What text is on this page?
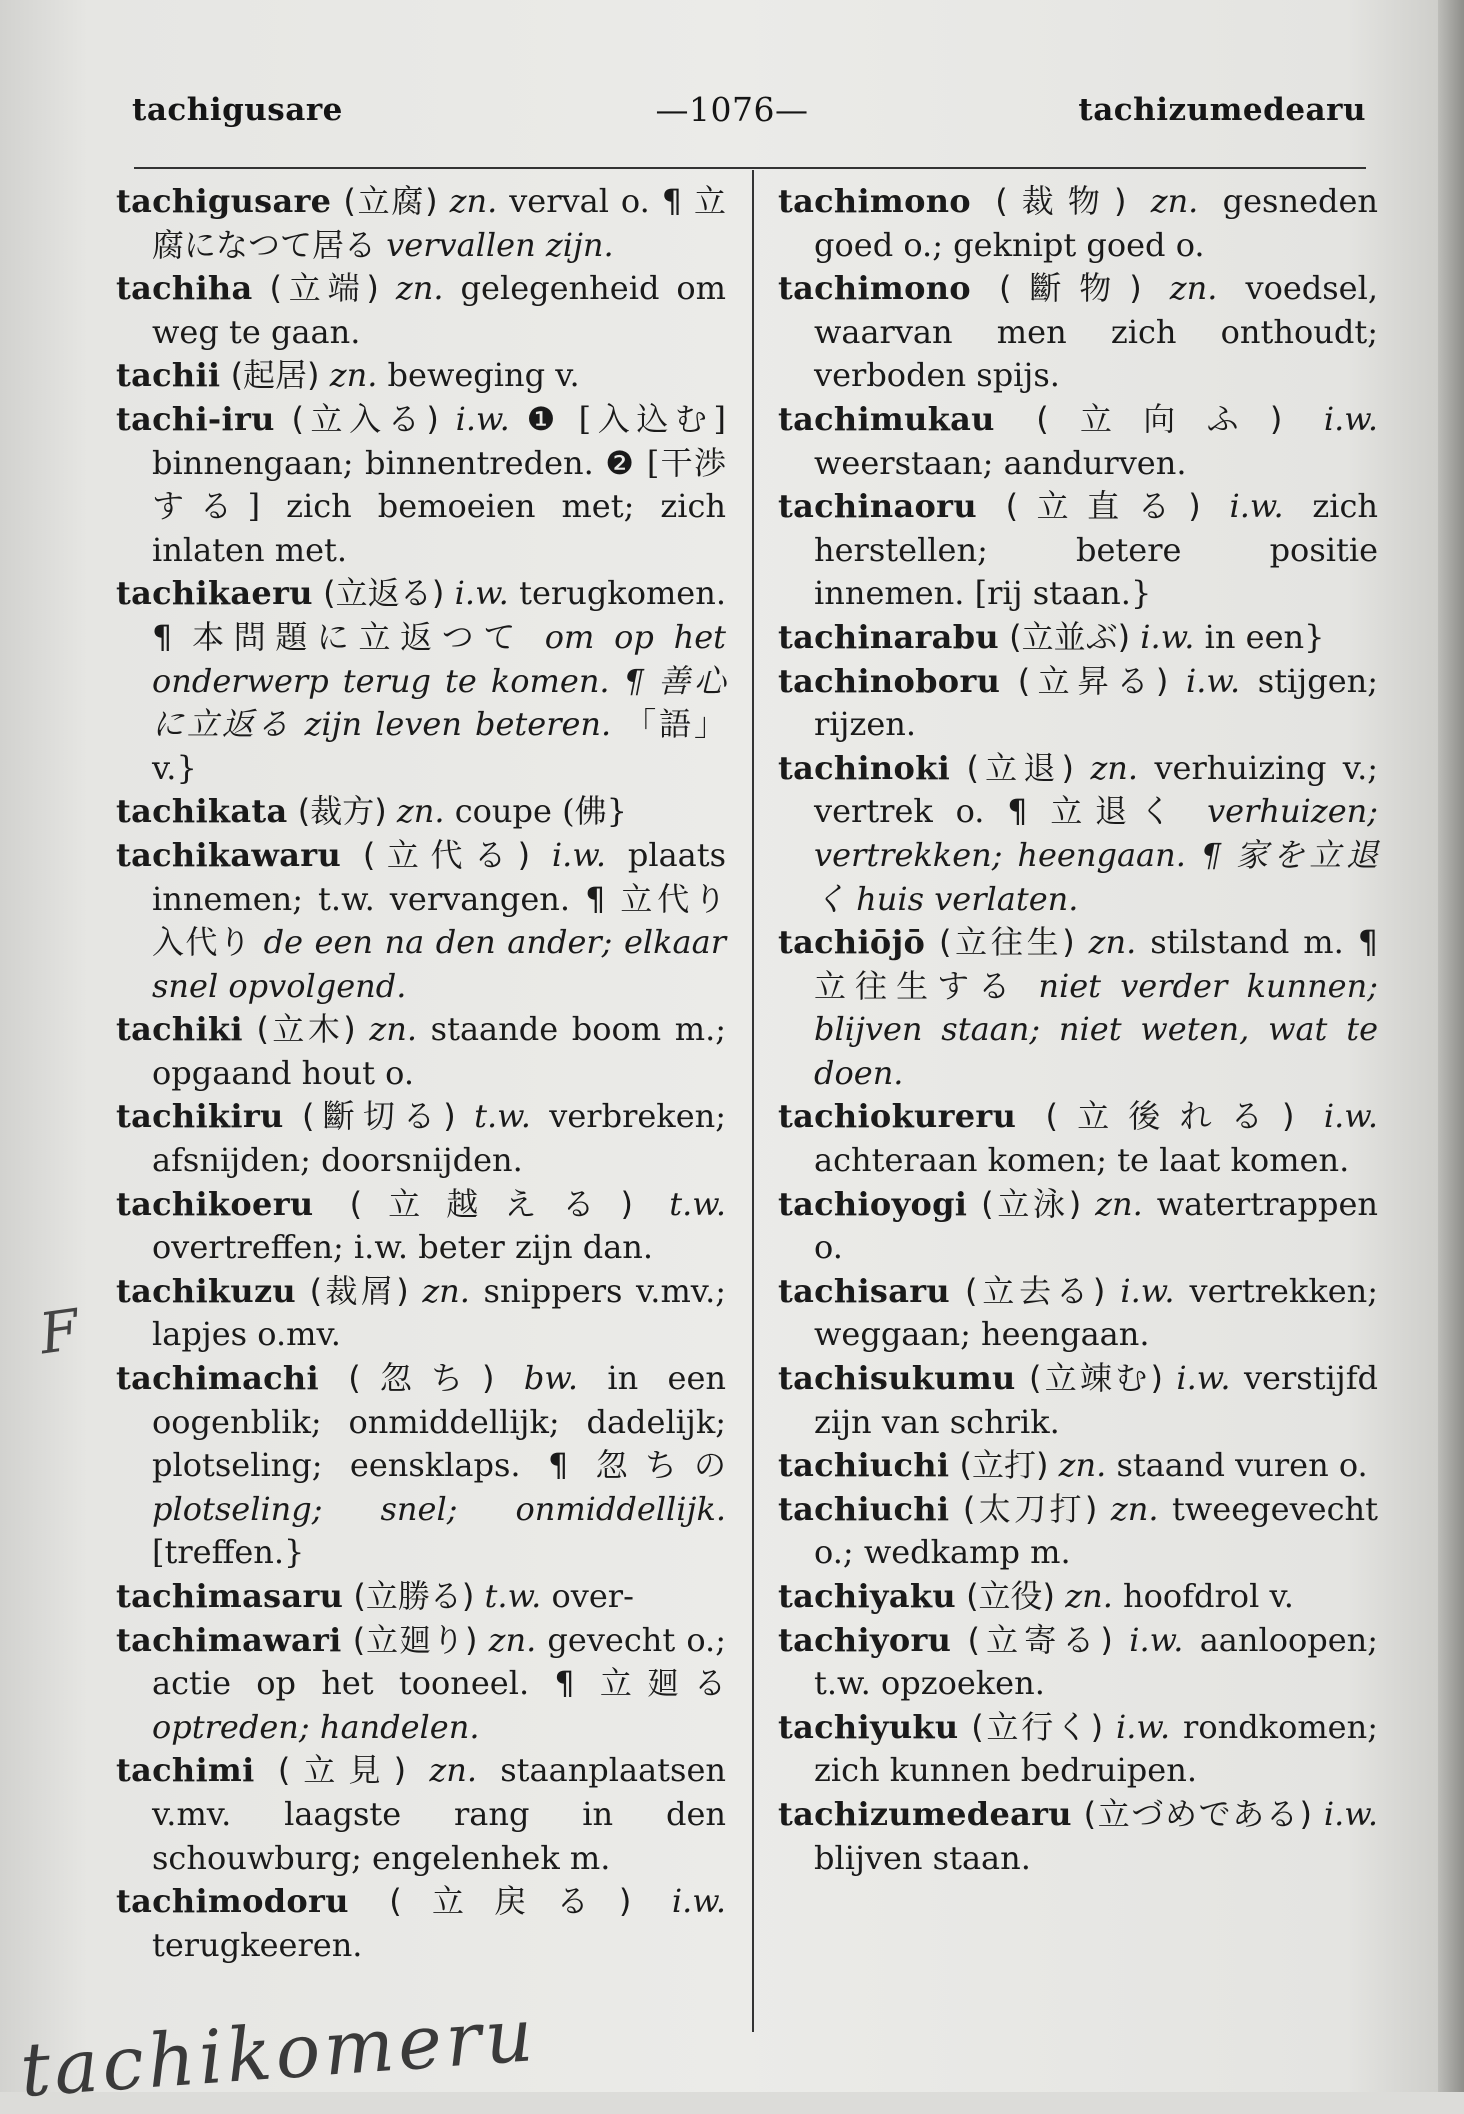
tachigusare	—1076—	tachizumedearu

tachigusare (立腐) zn. verval o. ¶ 立腐になつて居る vervallen zijn.

tachiha (立端) zn. gelegenheid om weg te gaan.

tachii (起居) zn. beweging v.

tachi-iru (立入る) i.w. ❶ [入込む] binnengaan; binnentreden. ❷ [干渉する] zich bemoeien met; zich inlaten met.

tachikaeru (立返る) i.w. terugkomen. ¶ 本問題に立返つて om op het onderwerp terug te komen. ¶ 善心に立返る zijn leven beteren. 「語」 v.}

tachikata (裁方) zn. coupe (佛}

tachikawaru (立代る) i.w. plaats innemen; t.w. vervangen. ¶ 立代り入代り de een na den ander; elkaar snel opvolgend.

tachiki (立木) zn. staande boom m.; opgaand hout o.

tachikiru (斷切る) t.w. verbreken; afsnijden; doorsnijden.

tachikoeru (立越える) t.w. overtreffen; i.w. beter zijn dan.

tachikuzu (裁屑) zn. snippers v.mv.; lapjes o.mv.

tachimachi (忽ち) bw. in een oogenblik; onmiddellijk; dadelijk; plotseling; eensklaps. ¶ 忽ちの plotseling; snel; onmiddellijk. [treffen.}

tachimasaru (立勝る) t.w. over-

tachimawari (立廻り) zn. gevecht o.; actie op het tooneel. ¶ 立廻る optreden; handelen.

tachimi (立見) zn. staanplaatsen v.mv. laagste rang in den schouwburg; engelenhek m.

tachimodoru (立戻る) i.w. terugkeeren.

tachimono (裁物) zn. gesneden goed o.; geknipt goed o.

tachimono (斷物) zn. voedsel, waarvan men zich onthoudt; verboden spijs.

tachimukau (立向ふ) i.w. weerstaan; aandurven.

tachinaoru (立直る) i.w. zich herstellen; betere positie innemen. [rij staan.}

tachinarabu (立並ぶ) i.w. in een}

tachinoboru (立昇る) i.w. stijgen; rijzen.

tachinoki (立退) zn. verhuizing v.; vertrek o. ¶ 立退く verhuizen; vertrekken; heengaan. ¶ 家を立退く huis verlaten.

tachiōjō (立往生) zn. stilstand m. ¶ 立往生する niet verder kunnen; blijven staan; niet weten, wat te doen.

tachiokureru (立後れる) i.w. achteraan komen; te laat komen.

tachioyogi (立泳) zn. watertrappen o.

tachisaru (立去る) i.w. vertrekken; weggaan; heengaan.

tachisukumu (立竦む) i.w. verstijfd zijn van schrik.

tachiuchi (立打) zn. staand vuren o.

tachiuchi (太刀打) zn. tweegevecht o.; wedkamp m.

tachiyaku (立役) zn. hoofdrol v.

tachiyoru (立寄る) i.w. aanloopen; t.w. opzoeken.

tachiyuku (立行く) i.w. rondkomen; zich kunnen bedruipen.

tachizumedearu (立づめである) i.w. blijven staan.

F
tachikomeru
